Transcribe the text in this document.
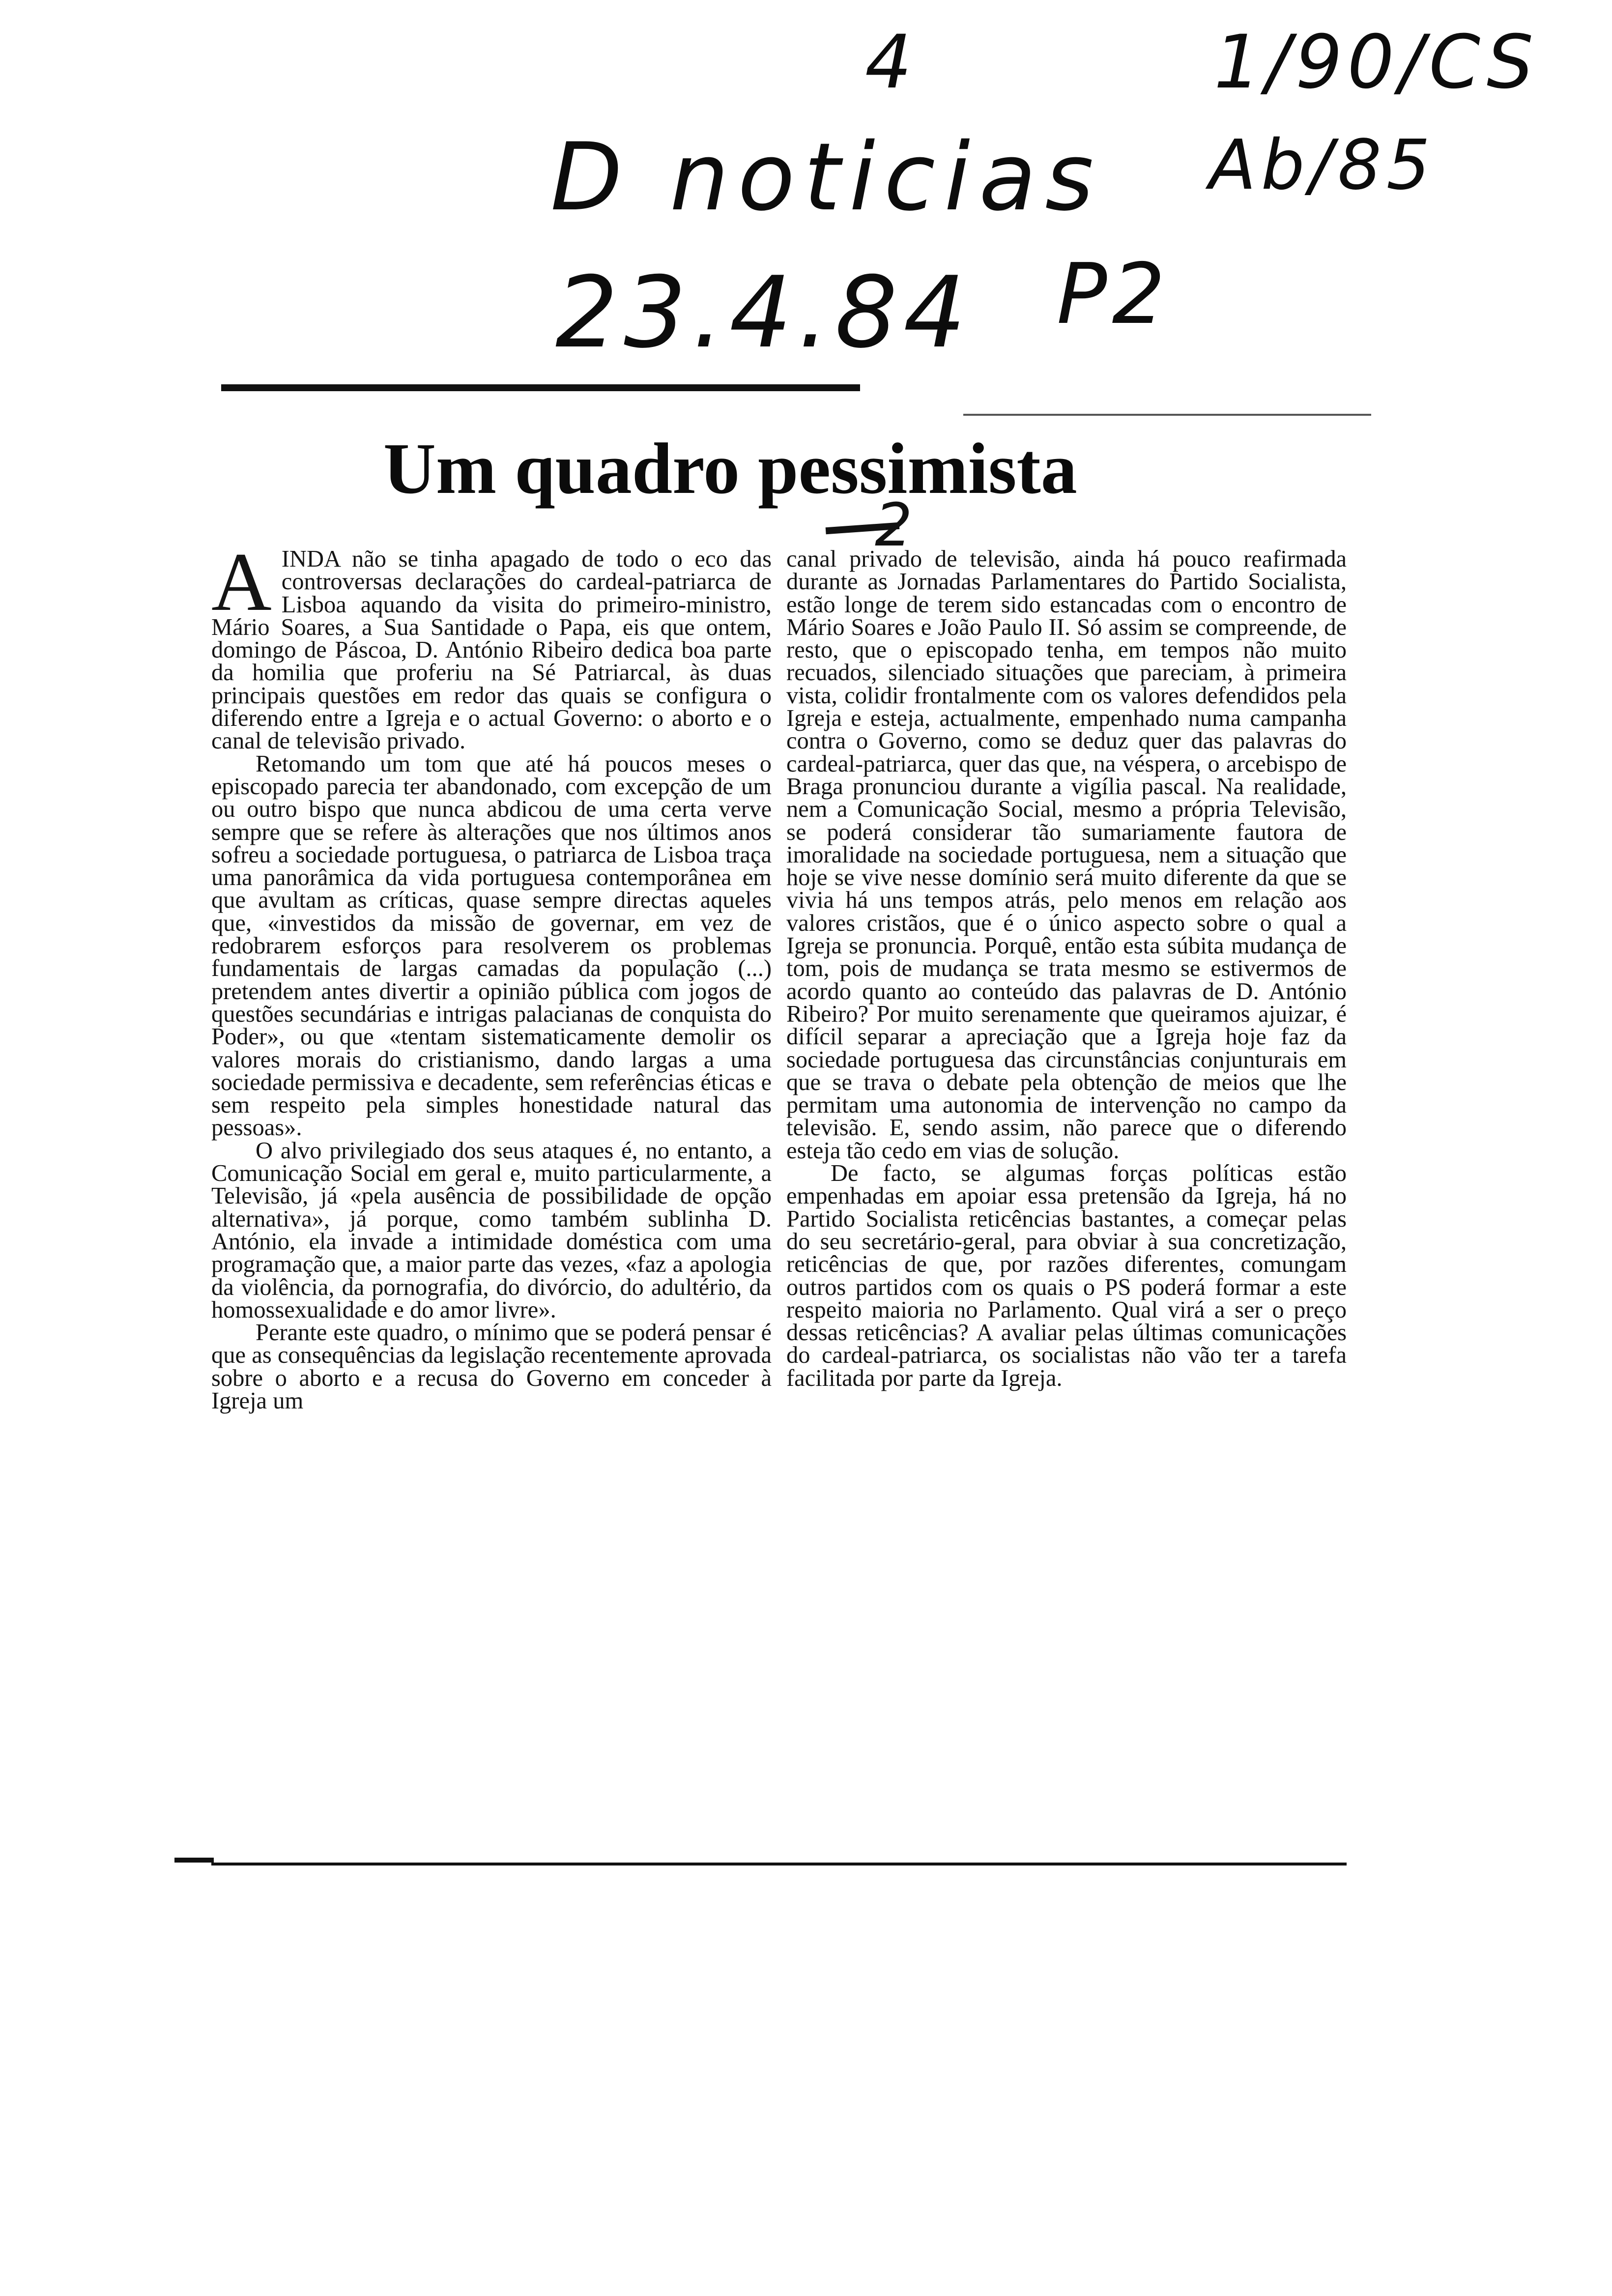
4	1/90/CS
D noticias Ab/85
23.4.84 P2
Um quadro pessimista
2
A INDA não se tinha apagado de todo o eco das controversas declarações do cardeal-patriarca de Lisboa aquando da visita do primeiro-ministro, Mário Soares, a Sua Santidade o Papa, eis que ontem, domingo de Páscoa, D. António Ribeiro dedica boa parte da homilia que proferiu na Sé Patriarcal, às duas principais questões em redor das quais se configura o diferendo entre a Igreja e o actual Governo: o aborto e o canal de televisão privado.

Retomando um tom que até há poucos meses o episcopado parecia ter abandonado, com excepção de um ou outro bispo que nunca abdicou de uma certa verve sempre que se refere às alterações que nos últimos anos sofreu a sociedade portuguesa, o patriarca de Lisboa traça uma panorâmica da vida portuguesa contemporânea em que avultam as críticas, quase sempre directas aqueles que, «investidos da missão de governar, em vez de redobrarem esforços para resolverem os problemas fundamentais de largas camadas da população (...) pretendem antes divertir a opinião pública com jogos de questões secundárias e intrigas palacianas de conquista do Poder», ou que «tentam sistematicamente demolir os valores morais do cristianismo, dando largas a uma sociedade permissiva e decadente, sem referências éticas e sem respeito pela simples honestidade natural das pessoas».

O alvo privilegiado dos seus ataques é, no entanto, a Comunicação Social em geral e, muito particularmente, a Televisão, já «pela ausência de possibilidade de opção alternativa», já porque, como também sublinha D. António, ela invade a intimidade doméstica com uma programação que, a maior parte das vezes, «faz a apologia da violência, da pornografia, do divórcio, do adultério, da homossexualidade e do amor livre».

Perante este quadro, o mínimo que se poderá pensar é que as consequências da legislação recentemente aprovada sobre o aborto e a recusa do Governo em conceder à Igreja um

canal privado de televisão, ainda há pouco reafirmada durante as Jornadas Parlamentares do Partido Socialista, estão longe de terem sido estancadas com o encontro de Mário Soares e João Paulo II. Só assim se compreende, de resto, que o episcopado tenha, em tempos não muito recuados, silenciado situações que pareciam, à primeira vista, colidir frontalmente com os valores defendidos pela Igreja e esteja, actualmente, empenhado numa campanha contra o Governo, como se deduz quer das palavras do cardeal-patriarca, quer das que, na véspera, o arcebispo de Braga pronunciou durante a vigília pascal. Na realidade, nem a Comunicação Social, mesmo a própria Televisão, se poderá considerar tão sumariamente fautora de imoralidade na sociedade portuguesa, nem a situação que hoje se vive nesse domínio será muito diferente da que se vivia há uns tempos atrás, pelo menos em relação aos valores cristãos, que é o único aspecto sobre o qual a Igreja se pronuncia. Porquê, então esta súbita mudança de tom, pois de mudança se trata mesmo se estivermos de acordo quanto ao conteúdo das palavras de D. António Ribeiro? Por muito serenamente que queiramos ajuizar, é difícil separar a apreciação que a Igreja hoje faz da sociedade portuguesa das circunstâncias conjunturais em que se trava o debate pela obtenção de meios que lhe permitam uma autonomia de intervenção no campo da televisão. E, sendo assim, não parece que o diferendo esteja tão cedo em vias de solução.

De facto, se algumas forças políticas estão empenhadas em apoiar essa pretensão da Igreja, há no Partido Socialista reticências bastantes, a começar pelas do seu secretário-geral, para obviar à sua concretização, reticências de que, por razões diferentes, comungam outros partidos com os quais o PS poderá formar a este respeito maioria no Parlamento. Qual virá a ser o preço dessas reticências? A avaliar pelas últimas comunicações do cardeal-patriarca, os socialistas não vão ter a tarefa facilitada por parte da Igreja.
